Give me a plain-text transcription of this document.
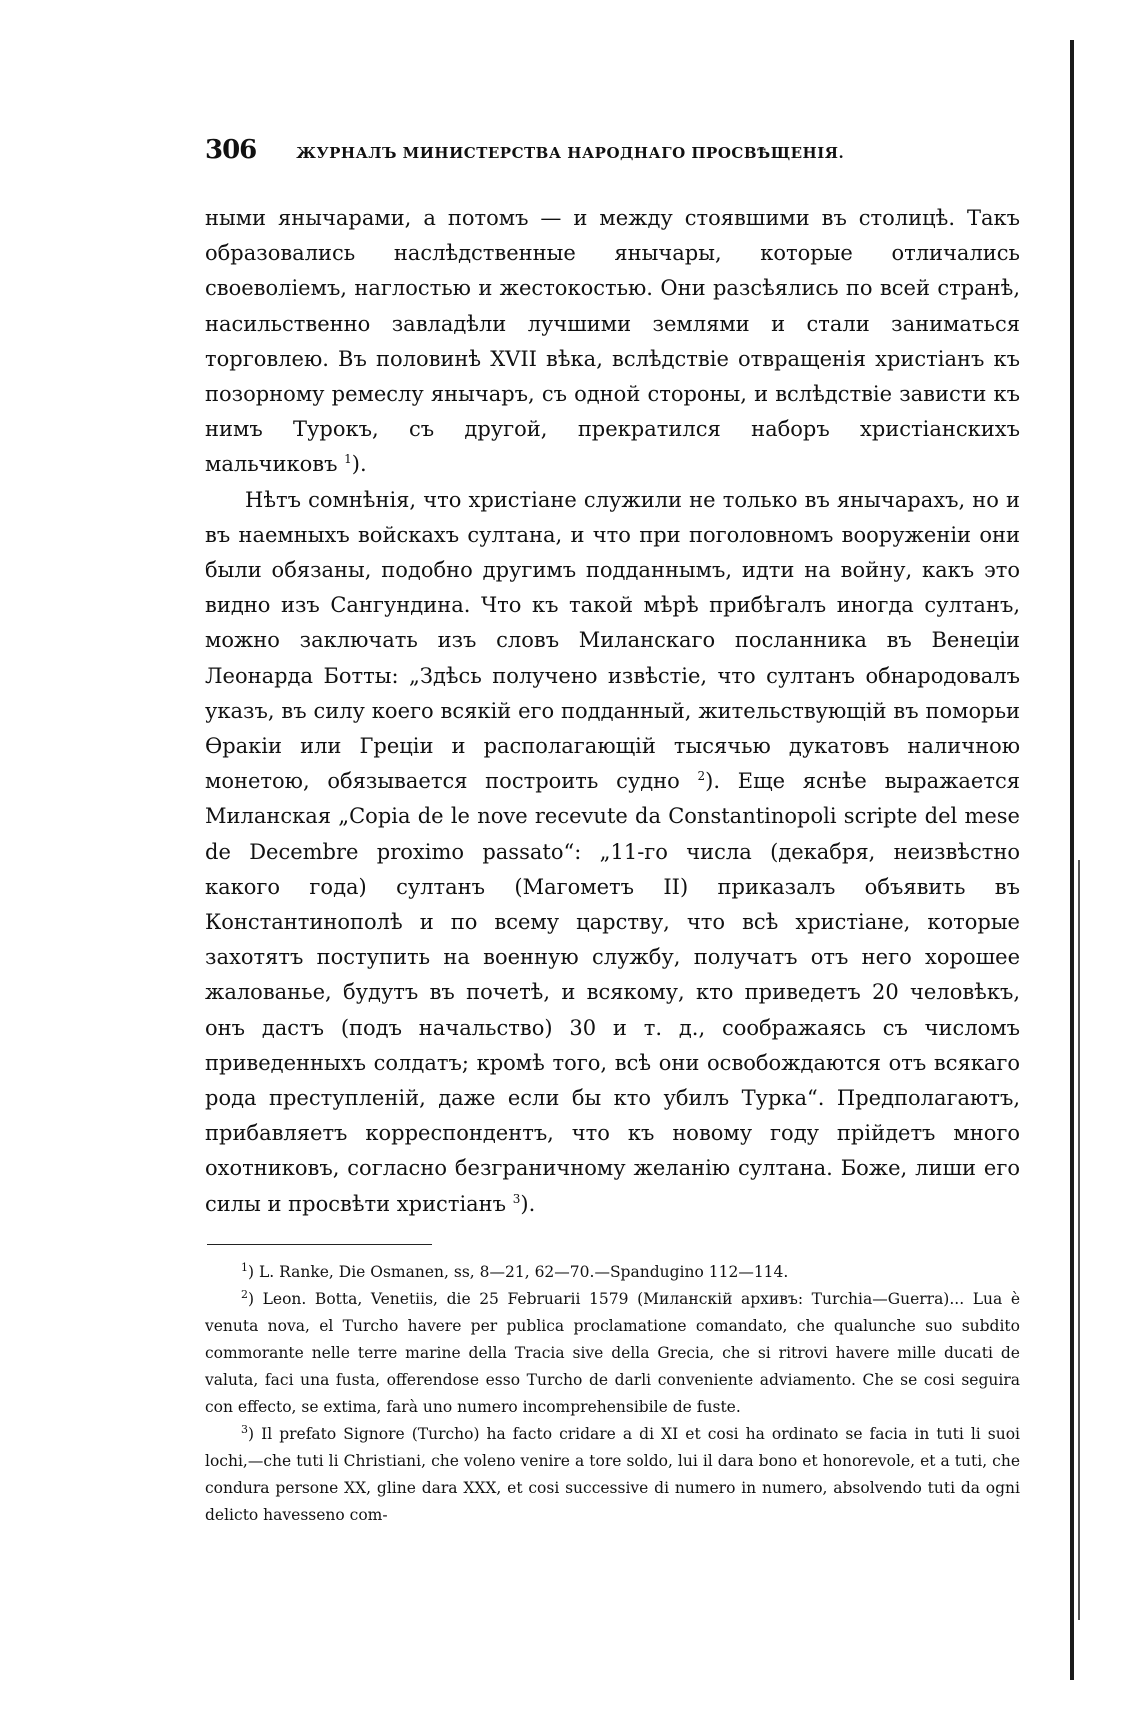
306	ЖУРНАЛЪ МИНИСТЕРСТВА НАРОДНАГО ПРОСВѢЩЕНІЯ.

ными янычарами, а потомъ — и между стоявшими въ столицѣ. Такъ образовались наслѣдственные янычары, которые отличались своеволіемъ, наглостью и жестокостью. Они разсѣялись по всей странѣ, насильственно завладѣли лучшими землями и стали заниматься торговлею. Въ половинѣ XVII вѣка, вслѣдствіе отвращенія христіанъ къ позорному ремеслу янычаръ, съ одной стороны, и вслѣдствіе зависти къ нимъ Турокъ, съ другой, прекратился наборъ христіанскихъ мальчиковъ $^1$).

Нѣтъ сомнѣнія, что христіане служили не только въ янычарахъ, но и въ наемныхъ войскахъ султана, и что при поголовномъ вооруженіи они были обязаны, подобно другимъ подданнымъ, идти на войну, какъ это видно изъ Сангундина. Что къ такой мѣрѣ прибѣгалъ иногда султанъ, можно заключать изъ словъ Миланскаго посланника въ Венеціи Леонарда Ботты: „Здѣсь получено извѣстіе, что султанъ обнародовалъ указъ, въ силу коего всякій его подданный, жительствующій въ поморьи Ѳракіи или Греціи и располагающій тысячью дукатовъ наличною монетою, обязывается построить судно $^2$). Еще яснѣе выражается Миланская „Copia de le nove recevute da Constantinopoli scripte del mese de Decembre proximo passato“: „11-го числа (декабря, неизвѣстно какого года) султанъ (Магометъ II) приказалъ объявить въ Константинополѣ и по всему царству, что всѣ христіане, которые захотятъ поступить на военную службу, получатъ отъ него хорошее жалованье, будутъ въ почетѣ, и всякому, кто приведетъ 20 человѣкъ, онъ дастъ (подъ начальство) 30 и т. д., соображаясь съ числомъ приведенныхъ солдатъ; кромѣ того, всѣ они освобождаются отъ всякаго рода преступленій, даже если бы кто убилъ Турка“. Предполагаютъ, прибавляетъ корреспондентъ, что къ новому году прійдетъ много охотниковъ, согласно безграничному желанію султана. Боже, лиши его силы и просвѣти христіанъ $^3$).

$^1$) L. Ranke, Die Osmanen, ss, 8—21, 62—70.—Spandugino 112—114.

$^2$) Leon. Botta, Venetiis, die 25 Februarii 1579 (Миланскій архивъ: Turchia—Guerra)... Lua è venuta nova, el Turcho havere per publica proclamatione comandato, che qualunche suo subdito commorante nelle terre marine della Tracia sive della Grecia, che si ritrovi havere mille ducati de valuta, faci una fusta, offerendose esso Turcho de darli conveniente adviamento. Che se cosi seguira con effecto, se extima, farà uno numero incomprehensibile de fuste.

$^3$) Il prefato Signore (Turcho) ha facto cridare a di XI et cosi ha ordinato se facia in tuti li suoi lochi,—che tuti li Christiani, che voleno venire a tore soldo, lui il dara bono et honorevole, et a tuti, che condura persone XX, gline dara XXX, et cosi successive di numero in numero, absolvendo tuti da ogni delicto havesseno com-
